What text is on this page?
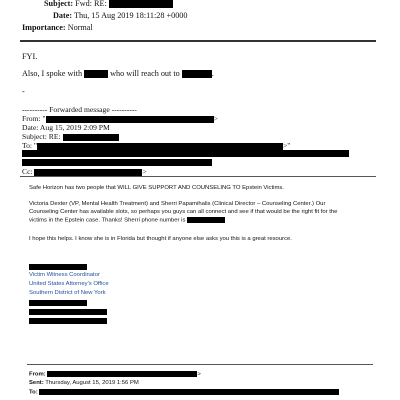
Subject: Fwd: RE:
Date: Thu, 15 Aug 2019 18:11:28 +0000
Importance: Normal
FYI.
Also, I spoke with	who will reach out to	.
-
---------- Forwarded message ----------
From: "	>
Date: Aug 15, 2019 2:09 PM
Subject: RE:
To: "	>"
Cc:	>
Safe Horizon has two people that WILL GIVE SUPPORT AND COUNSELING TO Epstein Victims.
Victoria Dexter (VP, Mental Health Treatment) and Sherri Papamihalis (Clinical Director – Counseling Center.) Our
Counseling Center has available slots, so perhaps you guys can all connect and see if that would be the right fit for the
victims in the Epstein case. Thanks! Sherri phone number is
I hope this helps. I know she is in Florida but thought if anyone else asks you this is a great resource.
Victim Witness Coordinator
United States Attorney's Office
Southern District of New York
From:	>
Sent: Thursday, August 15, 2019 1:56 PM
To:
